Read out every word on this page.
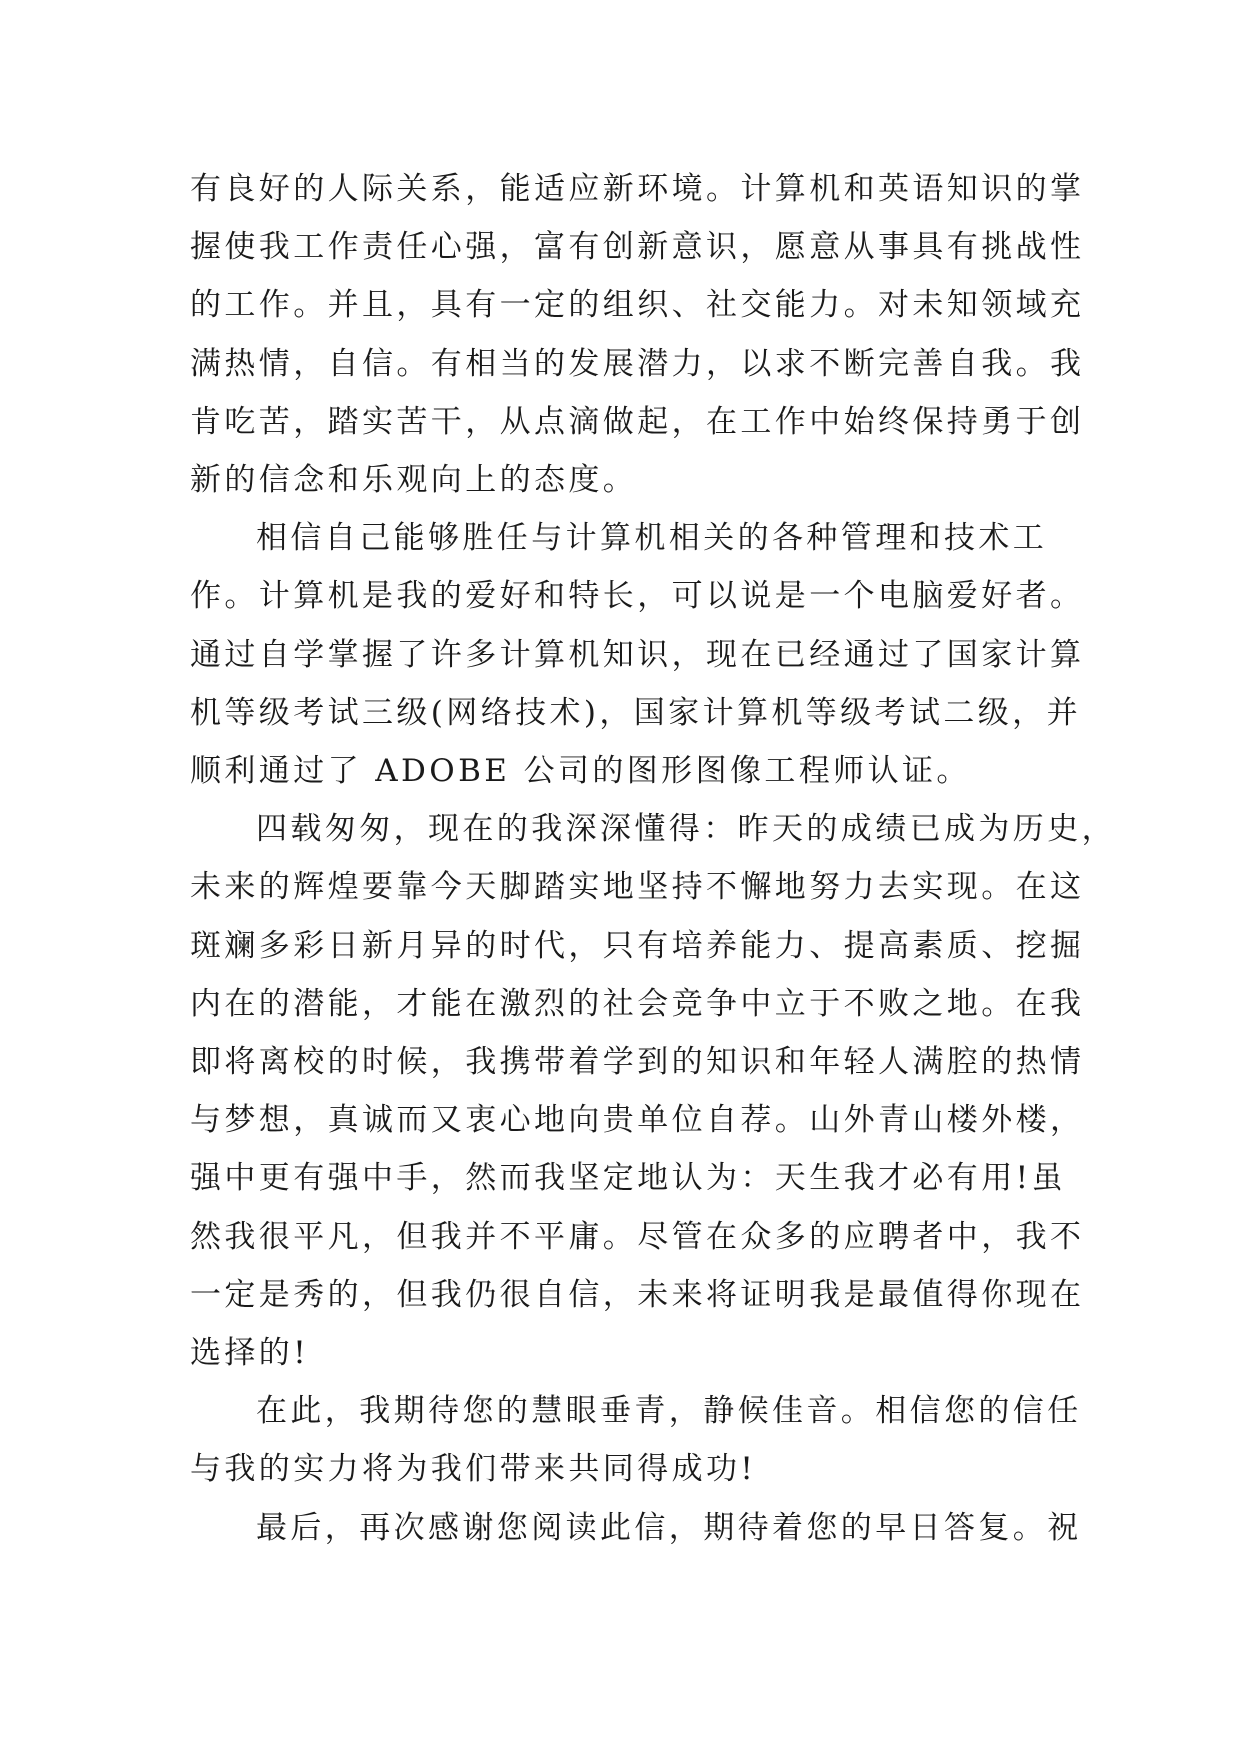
有良好的人际关系，能适应新环境。计算机和英语知识的掌
握使我工作责任心强，富有创新意识，愿意从事具有挑战性
的工作。并且，具有一定的组织、社交能力。对未知领域充
满热情，自信。有相当的发展潜力，以求不断完善自我。我
肯吃苦，踏实苦干，从点滴做起，在工作中始终保持勇于创
新的信念和乐观向上的态度。
相信自己能够胜任与计算机相关的各种管理和技术工
作。计算机是我的爱好和特长，可以说是一个电脑爱好者。
通过自学掌握了许多计算机知识，现在已经通过了国家计算
机等级考试三级(网络技术)，国家计算机等级考试二级，并
顺利通过了 ADOBE 公司的图形图像工程师认证。
四载匆匆，现在的我深深懂得：昨天的成绩已成为历史，
未来的辉煌要靠今天脚踏实地坚持不懈地努力去实现。在这
斑斓多彩日新月异的时代，只有培养能力、提高素质、挖掘
内在的潜能，才能在激烈的社会竞争中立于不败之地。在我
即将离校的时候，我携带着学到的知识和年轻人满腔的热情
与梦想，真诚而又衷心地向贵单位自荐。山外青山楼外楼，
强中更有强中手，然而我坚定地认为：天生我才必有用!虽
然我很平凡，但我并不平庸。尽管在众多的应聘者中，我不
一定是秀的，但我仍很自信，未来将证明我是最值得你现在
选择的!
在此，我期待您的慧眼垂青，静候佳音。相信您的信任
与我的实力将为我们带来共同得成功!
最后，再次感谢您阅读此信，期待着您的早日答复。祝
